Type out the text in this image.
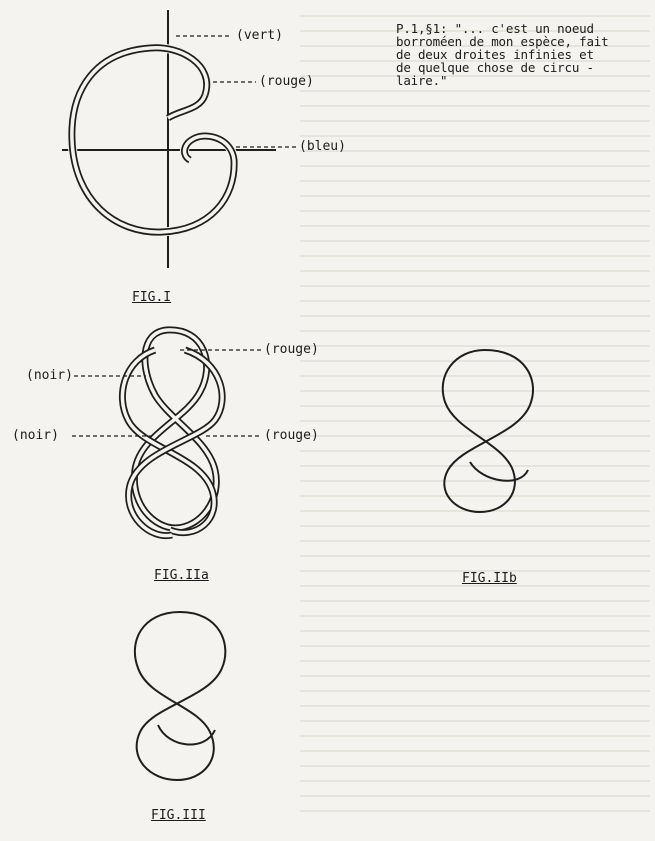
P.1,§1: "... c'est un noeud
borroméen de mon espèce, fait
de deux droites infinies et
de quelque chose de circu -
laire."
(vert)
(rouge)
(bleu)
FIG.I
(rouge)
(noir)
(noir)	(rouge)
FIG.IIa	FIG.IIb
FIG.III
